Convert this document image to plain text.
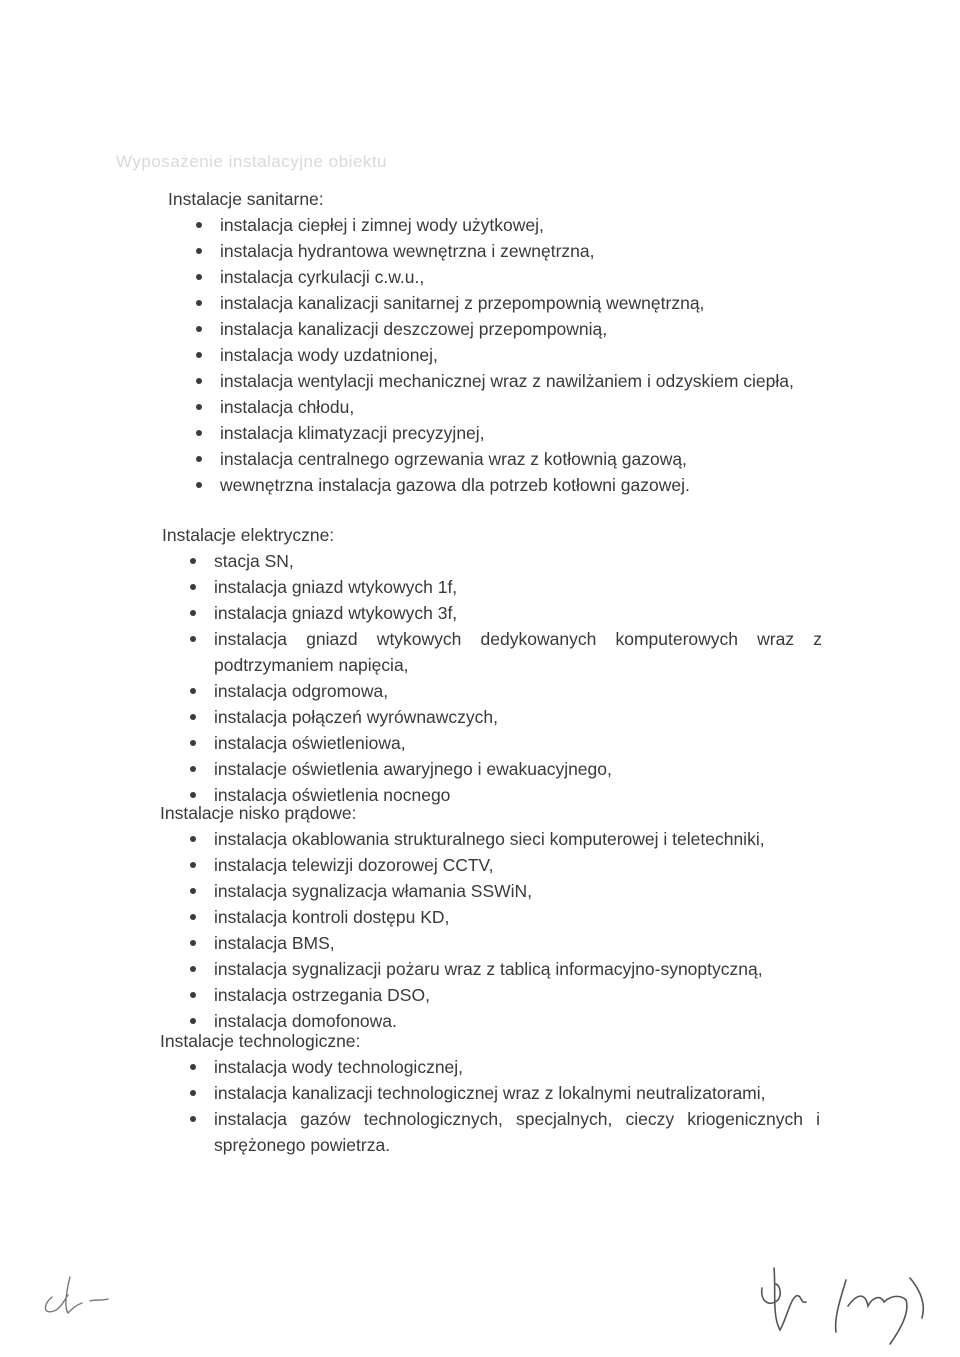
Wyposażenie instalacyjne obiektu

Instalacje sanitarne:

instalacja ciepłej i zimnej wody użytkowej,
instalacja hydrantowa wewnętrzna i zewnętrzna,
instalacja cyrkulacji c.w.u.,
instalacja kanalizacji sanitarnej z przepompownią wewnętrzną,
instalacja kanalizacji deszczowej przepompownią,
instalacja wody uzdatnionej,
instalacja wentylacji mechanicznej wraz z nawilżaniem i odzyskiem ciepła,
instalacja chłodu,
instalacja klimatyzacji precyzyjnej,
instalacja centralnego ogrzewania wraz z kotłownią gazową,
wewnętrzna instalacja gazowa dla potrzeb kotłowni gazowej.

Instalacje elektryczne:

stacja SN,
instalacja gniazd wtykowych 1f,
instalacja gniazd wtykowych 3f,
instalacja gniazd wtykowych dedykowanych komputerowych wraz z podtrzymaniem napięcia,
instalacja odgromowa,
instalacja połączeń wyrównawczych,
instalacja oświetleniowa,
instalacje oświetlenia awaryjnego i ewakuacyjnego,
instalacja oświetlenia nocnego

Instalacje nisko prądowe:

instalacja okablowania strukturalnego sieci komputerowej i teletechniki,
instalacja telewizji dozorowej CCTV,
instalacja sygnalizacja włamania SSWiN,
instalacja kontroli dostępu KD,
instalacja BMS,
instalacja sygnalizacji pożaru wraz z tablicą informacyjno-synoptyczną,
instalacja ostrzegania DSO,
instalacja domofonowa.

Instalacje technologiczne:

instalacja wody technologicznej,
instalacja kanalizacji technologicznej wraz z lokalnymi neutralizatorami,
instalacja gazów technologicznych, specjalnych, cieczy kriogenicznych i sprężonego powietrza.
